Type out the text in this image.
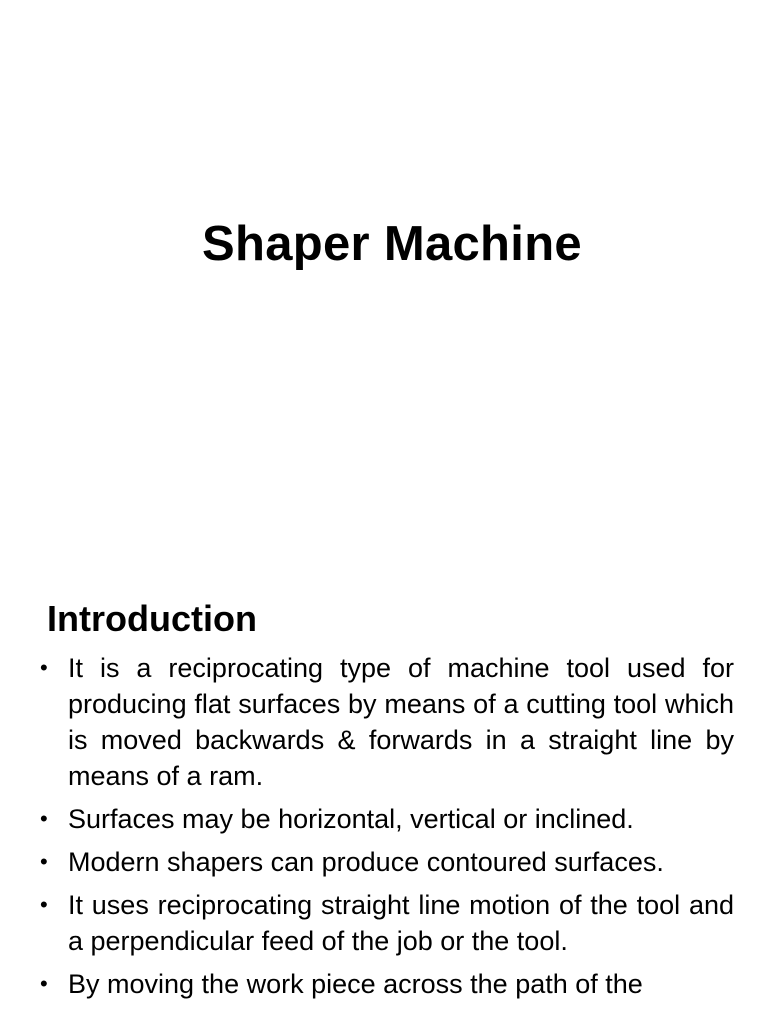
Shaper Machine
Introduction
• It is a reciprocating type of machine tool used for producing flat surfaces by means of a cutting tool which is moved backwards & forwards in a straight line by means of a ram.
• Surfaces may be horizontal, vertical or inclined.
• Modern shapers can produce contoured surfaces.
• It uses reciprocating straight line motion of the tool and a perpendicular feed of the job or the tool.
• By moving the work piece across the path of the
